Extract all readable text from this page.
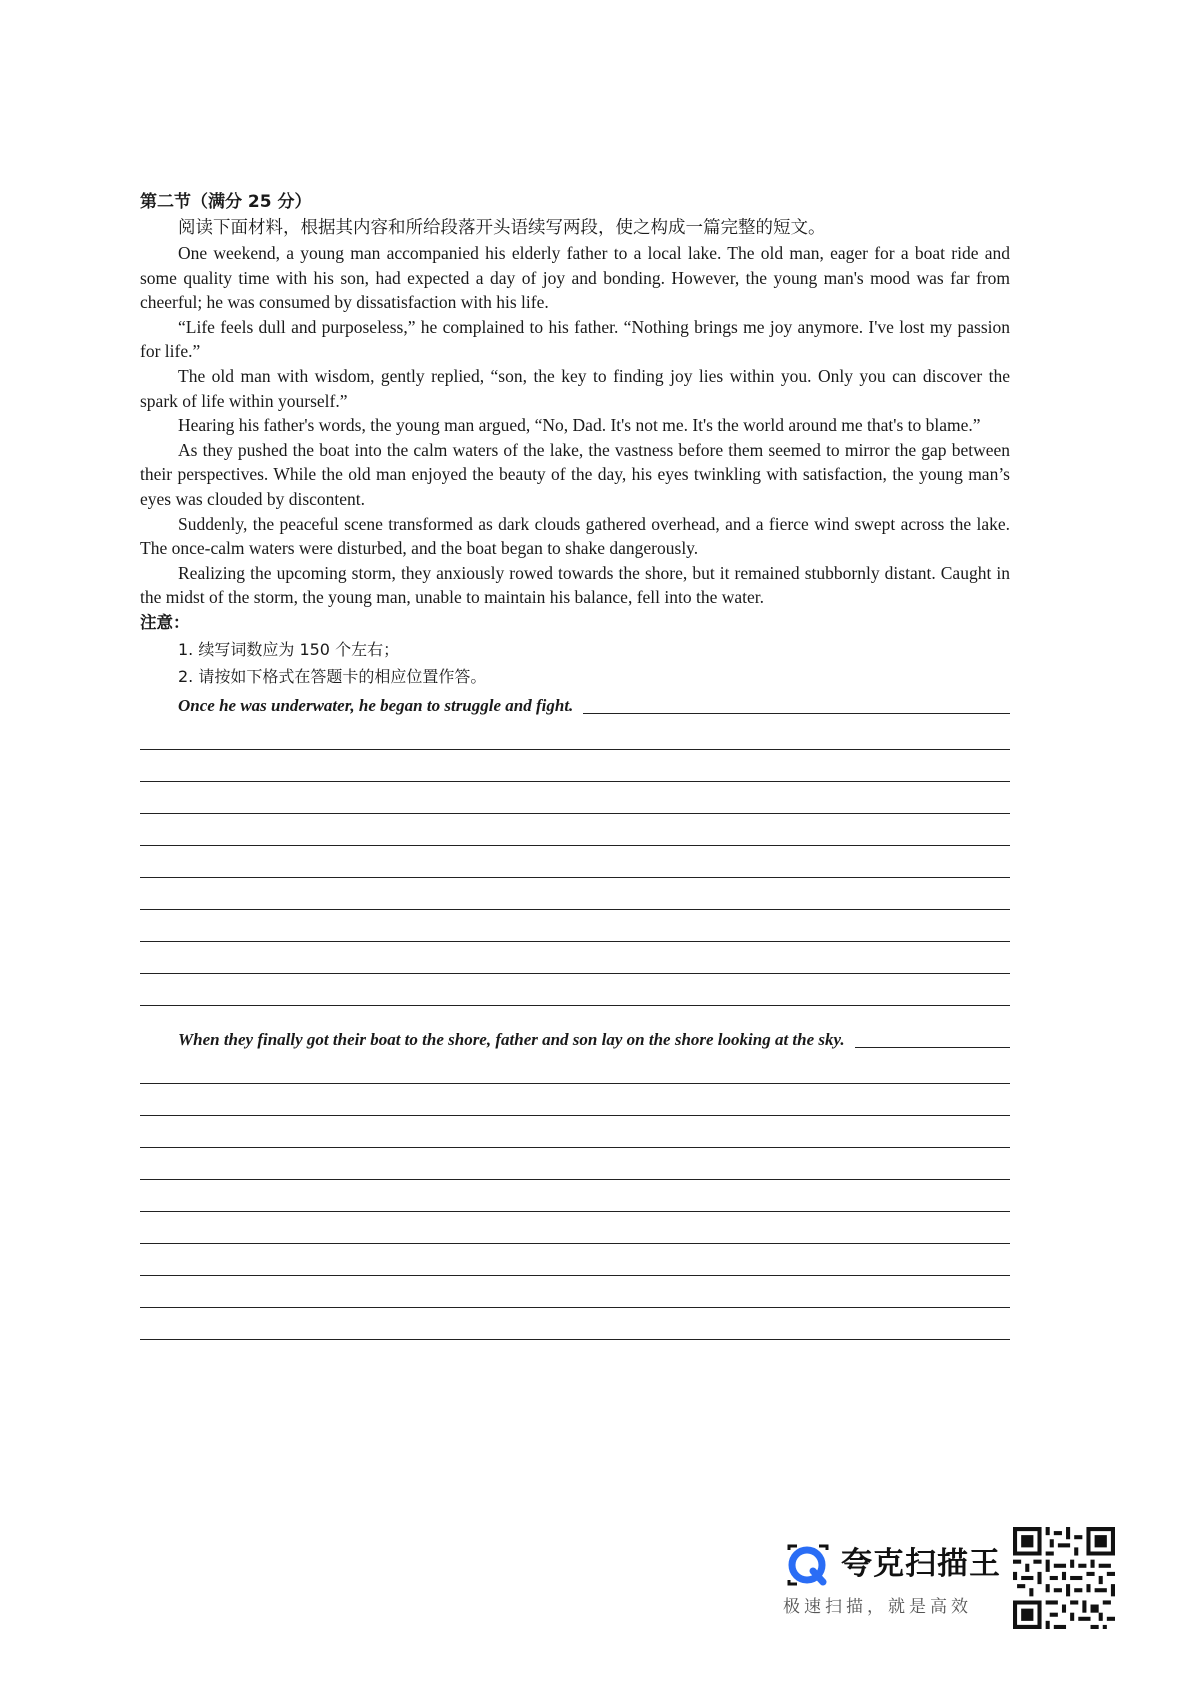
第二节（满分 25 分）

阅读下面材料，根据其内容和所给段落开头语续写两段，使之构成一篇完整的短文。

One weekend, a young man accompanied his elderly father to a local lake. The old man, eager for a boat ride and some quality time with his son, had expected a day of joy and bonding. However, the young man's mood was far from cheerful; he was consumed by dissatisfaction with his life.

“Life feels dull and purposeless,” he complained to his father. “Nothing brings me joy anymore. I've lost my passion for life.”

The old man with wisdom, gently replied, “son, the key to finding joy lies within you. Only you can discover the spark of life within yourself.”

Hearing his father's words, the young man argued, “No, Dad. It's not me. It's the world around me that's to blame.”

As they pushed the boat into the calm waters of the lake, the vastness before them seemed to mirror the gap between their perspectives. While the old man enjoyed the beauty of the day, his eyes twinkling with satisfaction, the young man’s eyes was clouded by discontent.

Suddenly, the peaceful scene transformed as dark clouds gathered overhead, and a fierce wind swept across the lake. The once-calm waters were disturbed, and the boat began to shake dangerously.

Realizing the upcoming storm, they anxiously rowed towards the shore, but it remained stubbornly distant. Caught in the midst of the storm, the young man, unable to maintain his balance, fell into the water.

注意：

1. 续写词数应为 150 个左右；

2. 请按如下格式在答题卡的相应位置作答。

Once he was underwater, he began to struggle and fight.
When they finally got their boat to the shore, father and son lay on the shore looking at the sky.
夸克扫描王
极速扫描，就是高效
